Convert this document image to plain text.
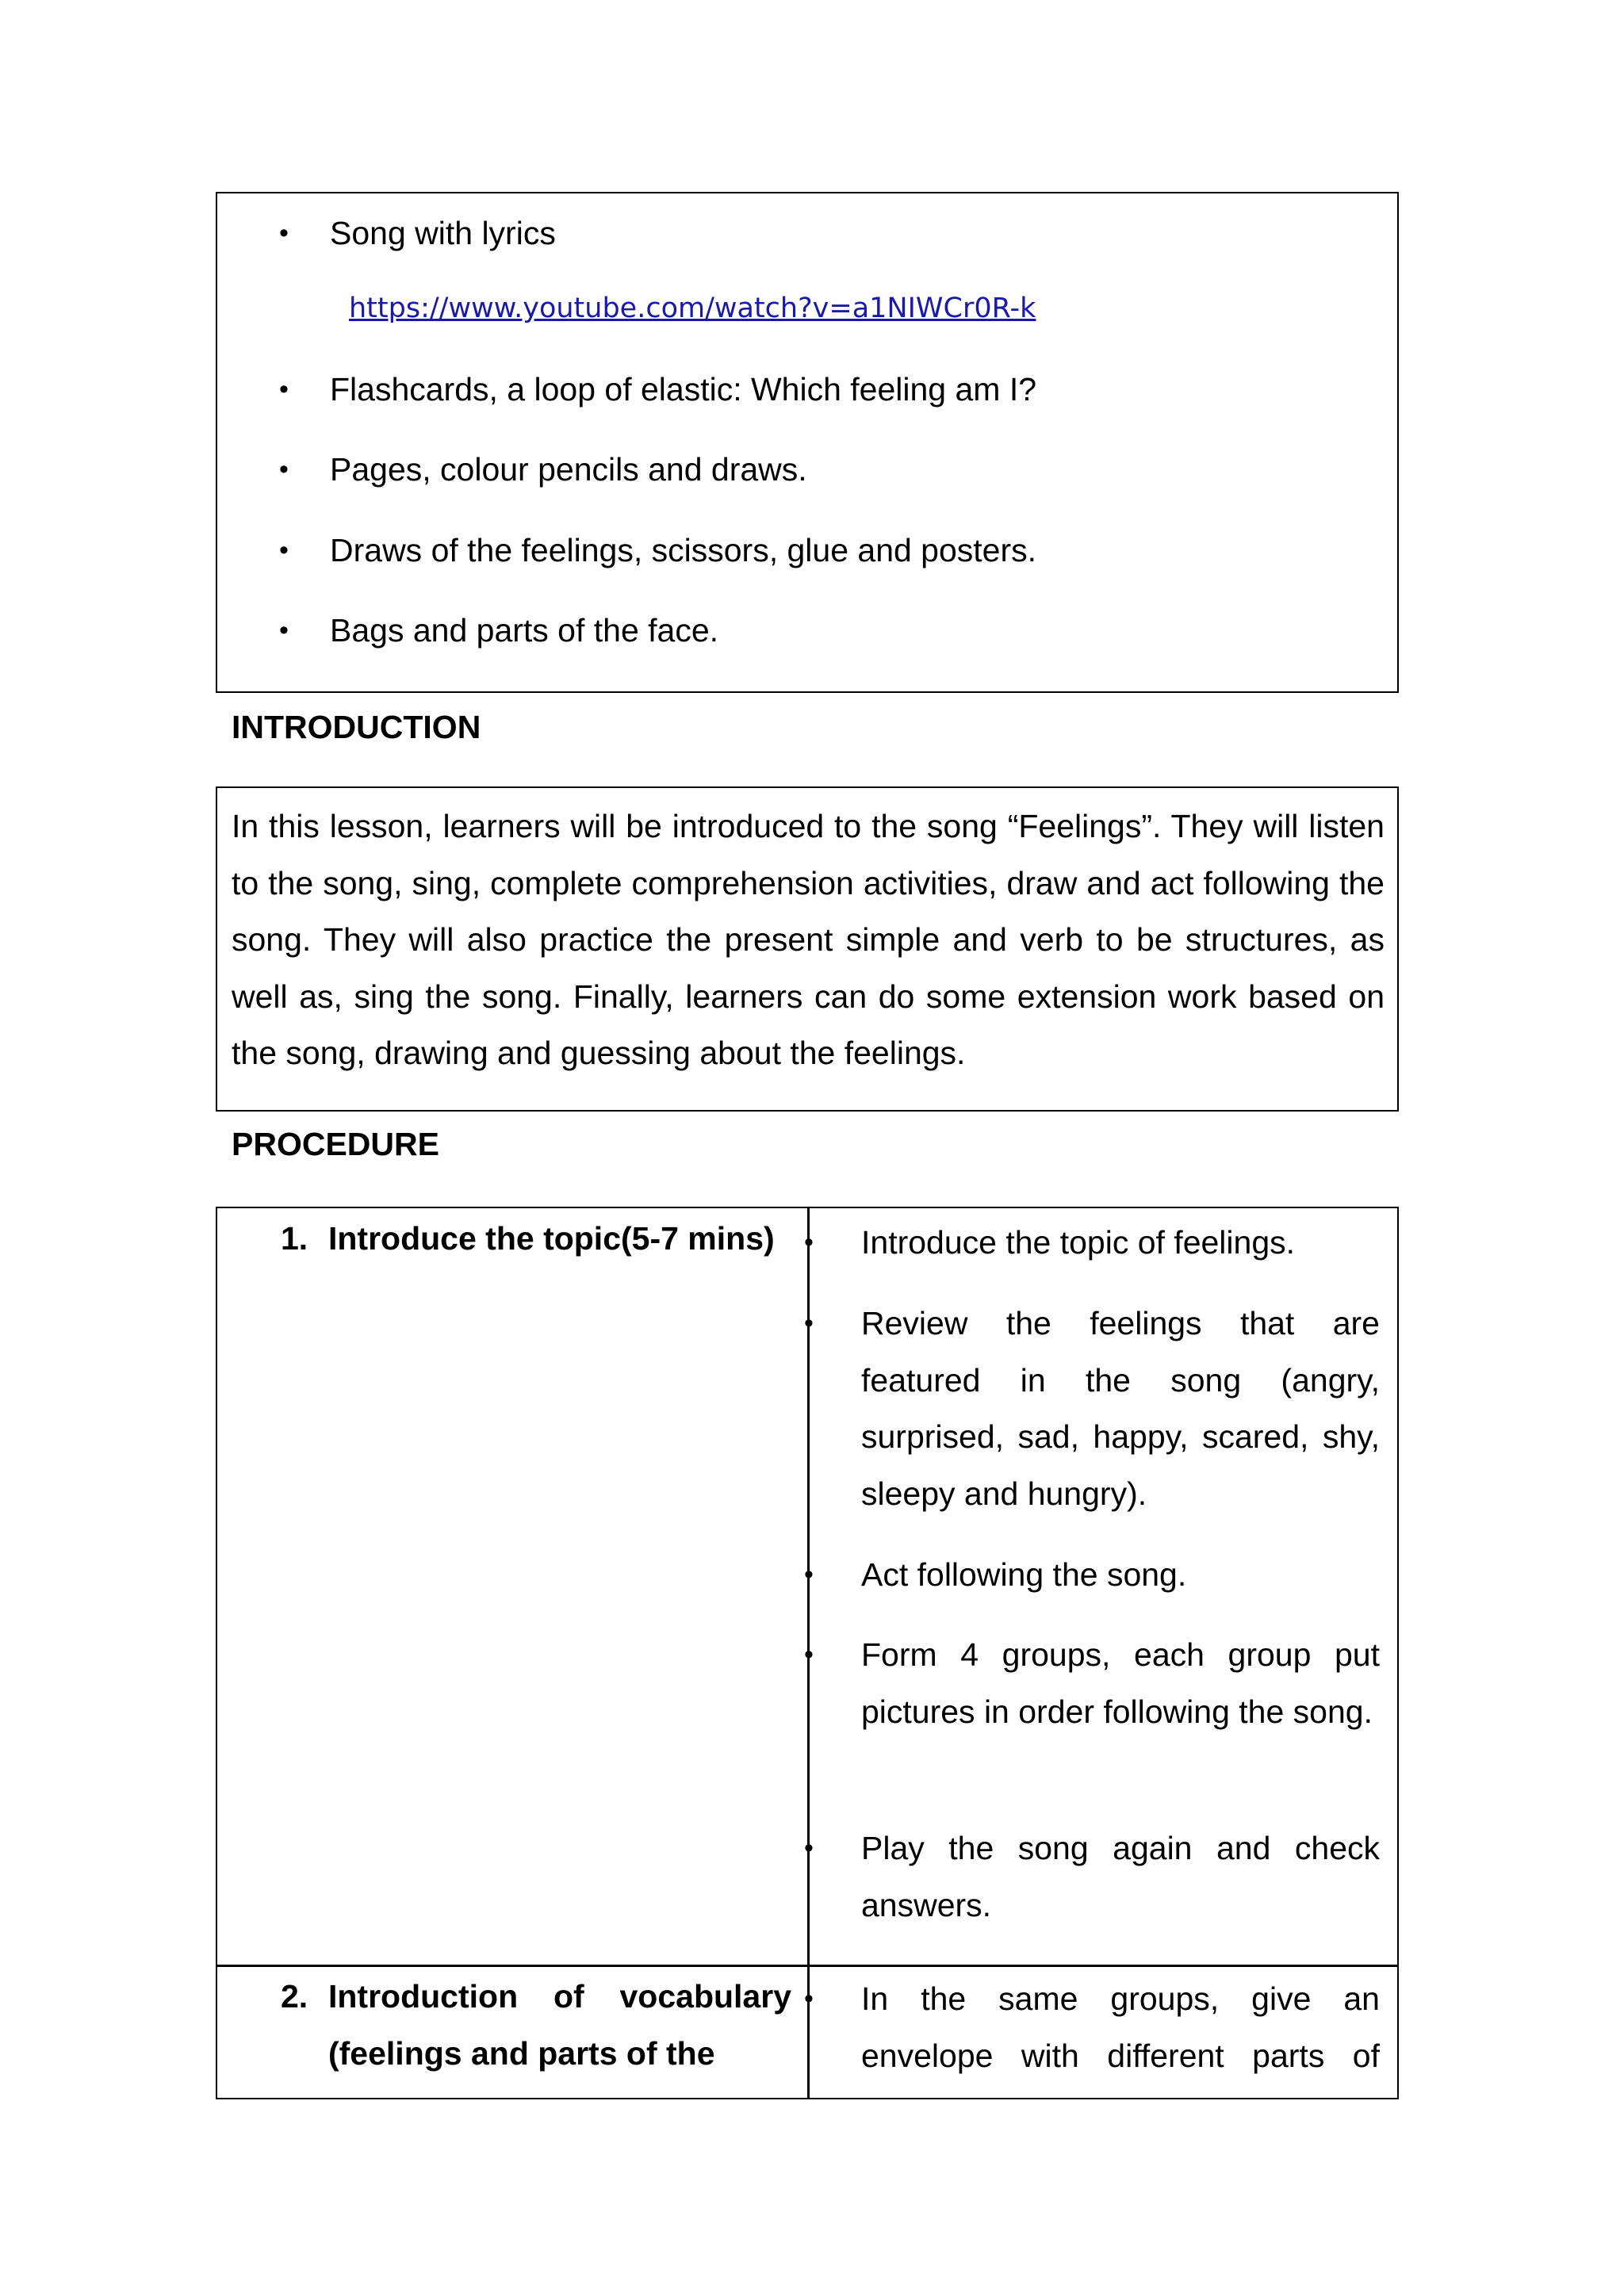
• Song with lyrics
https://www.youtube.com/watch?v=a1NIWCr0R-k
• Flashcards, a loop of elastic: Which feeling am I?
• Pages, colour pencils and draws.
• Draws of the feelings, scissors, glue and posters.
• Bags and parts of the face.
INTRODUCTION
In this lesson, learners will be introduced to the song “Feelings”. They will listen to the song, sing, complete comprehension activities, draw and act following the song. They will also practice the present simple and verb to be structures, as well as, sing the song. Finally, learners can do some extension work based on the song, drawing and guessing about the feelings.
PROCEDURE
1. Introduce the topic(5-7 mins)	• Introduce the topic of feelings.
• Review the feelings that are featured in the song (angry, surprised, sad, happy, scared, shy, sleepy and hungry).
• Act following the song.
• Form 4 groups, each group put pictures in order following the song.
• Play the song again and check answers.
2. Introduction of vocabulary (feelings and parts of the
• In the same groups, give an envelope with different parts of
